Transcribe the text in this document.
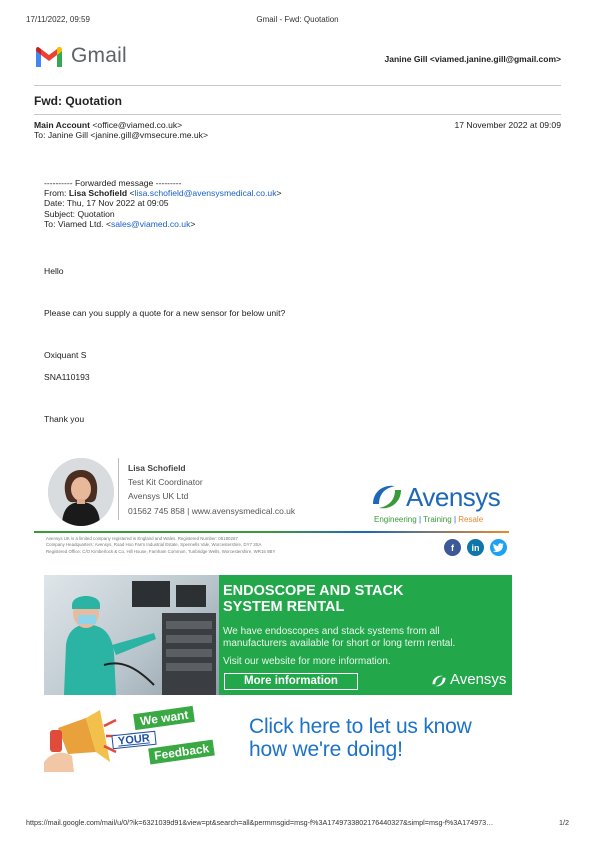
17/11/2022, 09:59	Gmail - Fwd: Quotation
Gmail	Janine Gill <viamed.janine.gill@gmail.com>
Fwd: Quotation
Main Account <office@viamed.co.uk>	17 November 2022 at 09:09
To: Janine Gill <janine.gill@vmsecure.me.uk>
---------- Forwarded message ---------
From: Lisa Schofield <lisa.schofield@avensysmedical.co.uk>
Date: Thu, 17 Nov 2022 at 09:05
Subject: Quotation
To: Viamed Ltd. <sales@viamed.co.uk>
Hello
Please can you supply a quote for a new sensor for below unit?
Oxiquant S
SNA110193
Thank you
Lisa Schofield
Test Kit Coordinator
Avensys UK Ltd
01562 745 858 | www.avensysmedical.co.uk	Avensys
Engineering | Training | Resale
Avensys UK is a limited company registered in England and Wales. Registered Number: 05180267
Company Headquarters: Avensys, Road Hoo Farm Industrial Estate, Spennells Vale, Worcestershire, DY7 3SA
Registered Office: C/O Kimberlock & Co, Hill House, Farnham Common, Tunbridge Wells, Worcestershire, WR15 8BY	f	in
ENDOSCOPE AND STACK
SYSTEM RENTAL
We have endoscopes and stack systems from all
manufacturers available for short or long term rental.
Visit our website for more information.
More information	Avensys
We want
YOUR
Feedback
Click here to let us know
how we're doing!
https://mail.google.com/mail/u/0/?ik=6321039d91&view=pt&search=all&permmsgid=msg-f%3A1749733802176440327&simpl=msg-f%3A174973…	1/2
